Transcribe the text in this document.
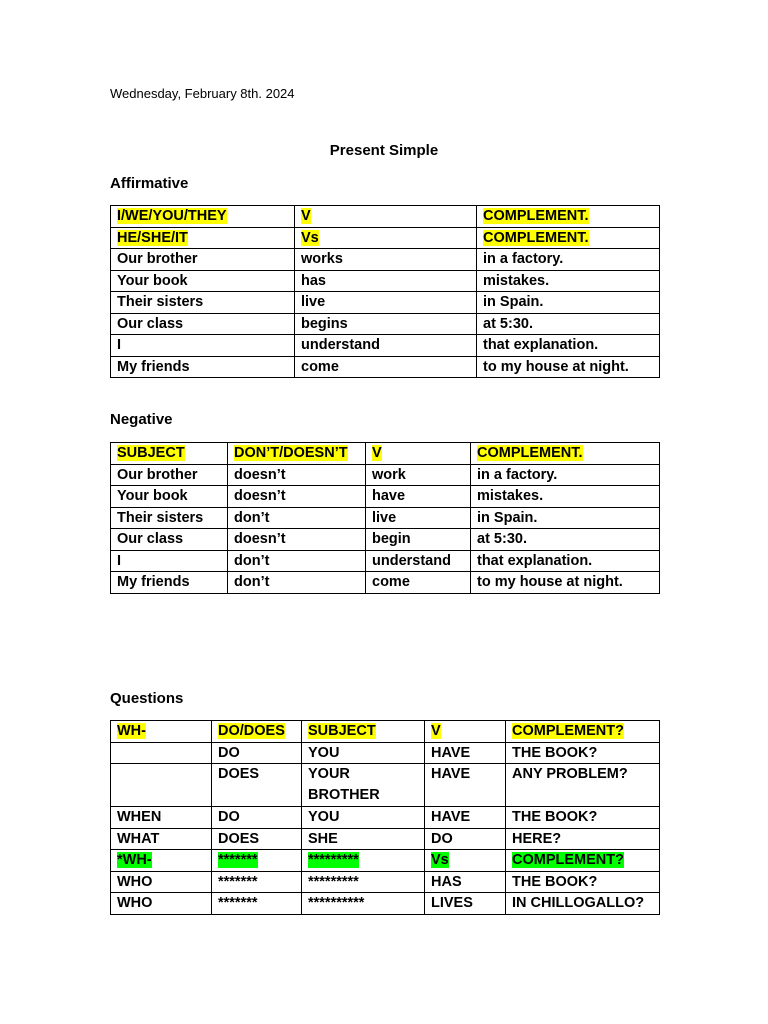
Wednesday, February 8th. 2024
Present Simple
Affirmative
I/WE/YOU/THEY	V	COMPLEMENT.
HE/SHE/IT	Vs	COMPLEMENT.
Our brother	works	in a factory.
Your book	has	mistakes.
Their sisters	live	in Spain.
Our class	begins	at 5:30.
I	understand	that explanation.
My friends	come	to my house at night.
Negative
SUBJECT	DON’T/DOESN’T	V	COMPLEMENT.
Our brother	doesn’t	work	in a factory.
Your book	doesn’t	have	mistakes.
Their sisters	don’t	live	in Spain.
Our class	doesn’t	begin	at 5:30.
I	don’t	understand	that explanation.
My friends	don’t	come	to my house at night.
Questions
WH-	DO/DOES	SUBJECT	V	COMPLEMENT?
	DO	YOU	HAVE	THE BOOK?
	DOES	YOUR BROTHER	HAVE	ANY PROBLEM?
WHEN	DO	YOU	HAVE	THE BOOK?
WHAT	DOES	SHE	DO	HERE?
*WH-	*******	*********	Vs	COMPLEMENT?
WHO	*******	*********	HAS	THE BOOK?
WHO	*******	**********	LIVES	IN CHILLOGALLO?
